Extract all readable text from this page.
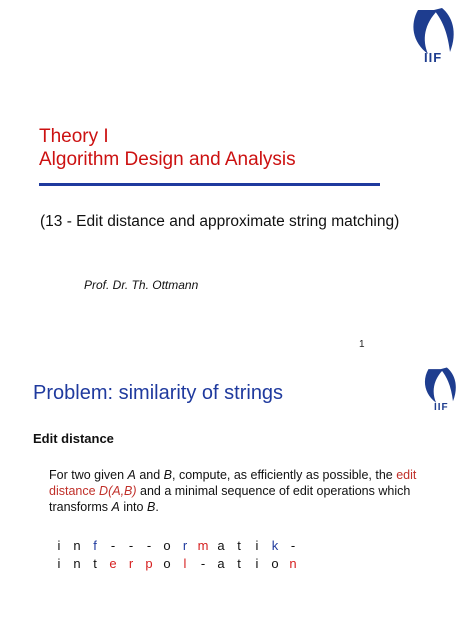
IIF
Theory I
Algorithm Design and Analysis
(13 - Edit distance and approximate string matching)
Prof. Dr. Th. Ottmann
1
IIF
Problem: similarity of strings
Edit distance
For two given A and B, compute, as efficiently as possible, the edit
distance D(A,B) and a minimal sequence of edit operations which transforms A into B.
i n f	-	-	- o r m a t	i	k -
i n t e r p o l	- a t	i o n
